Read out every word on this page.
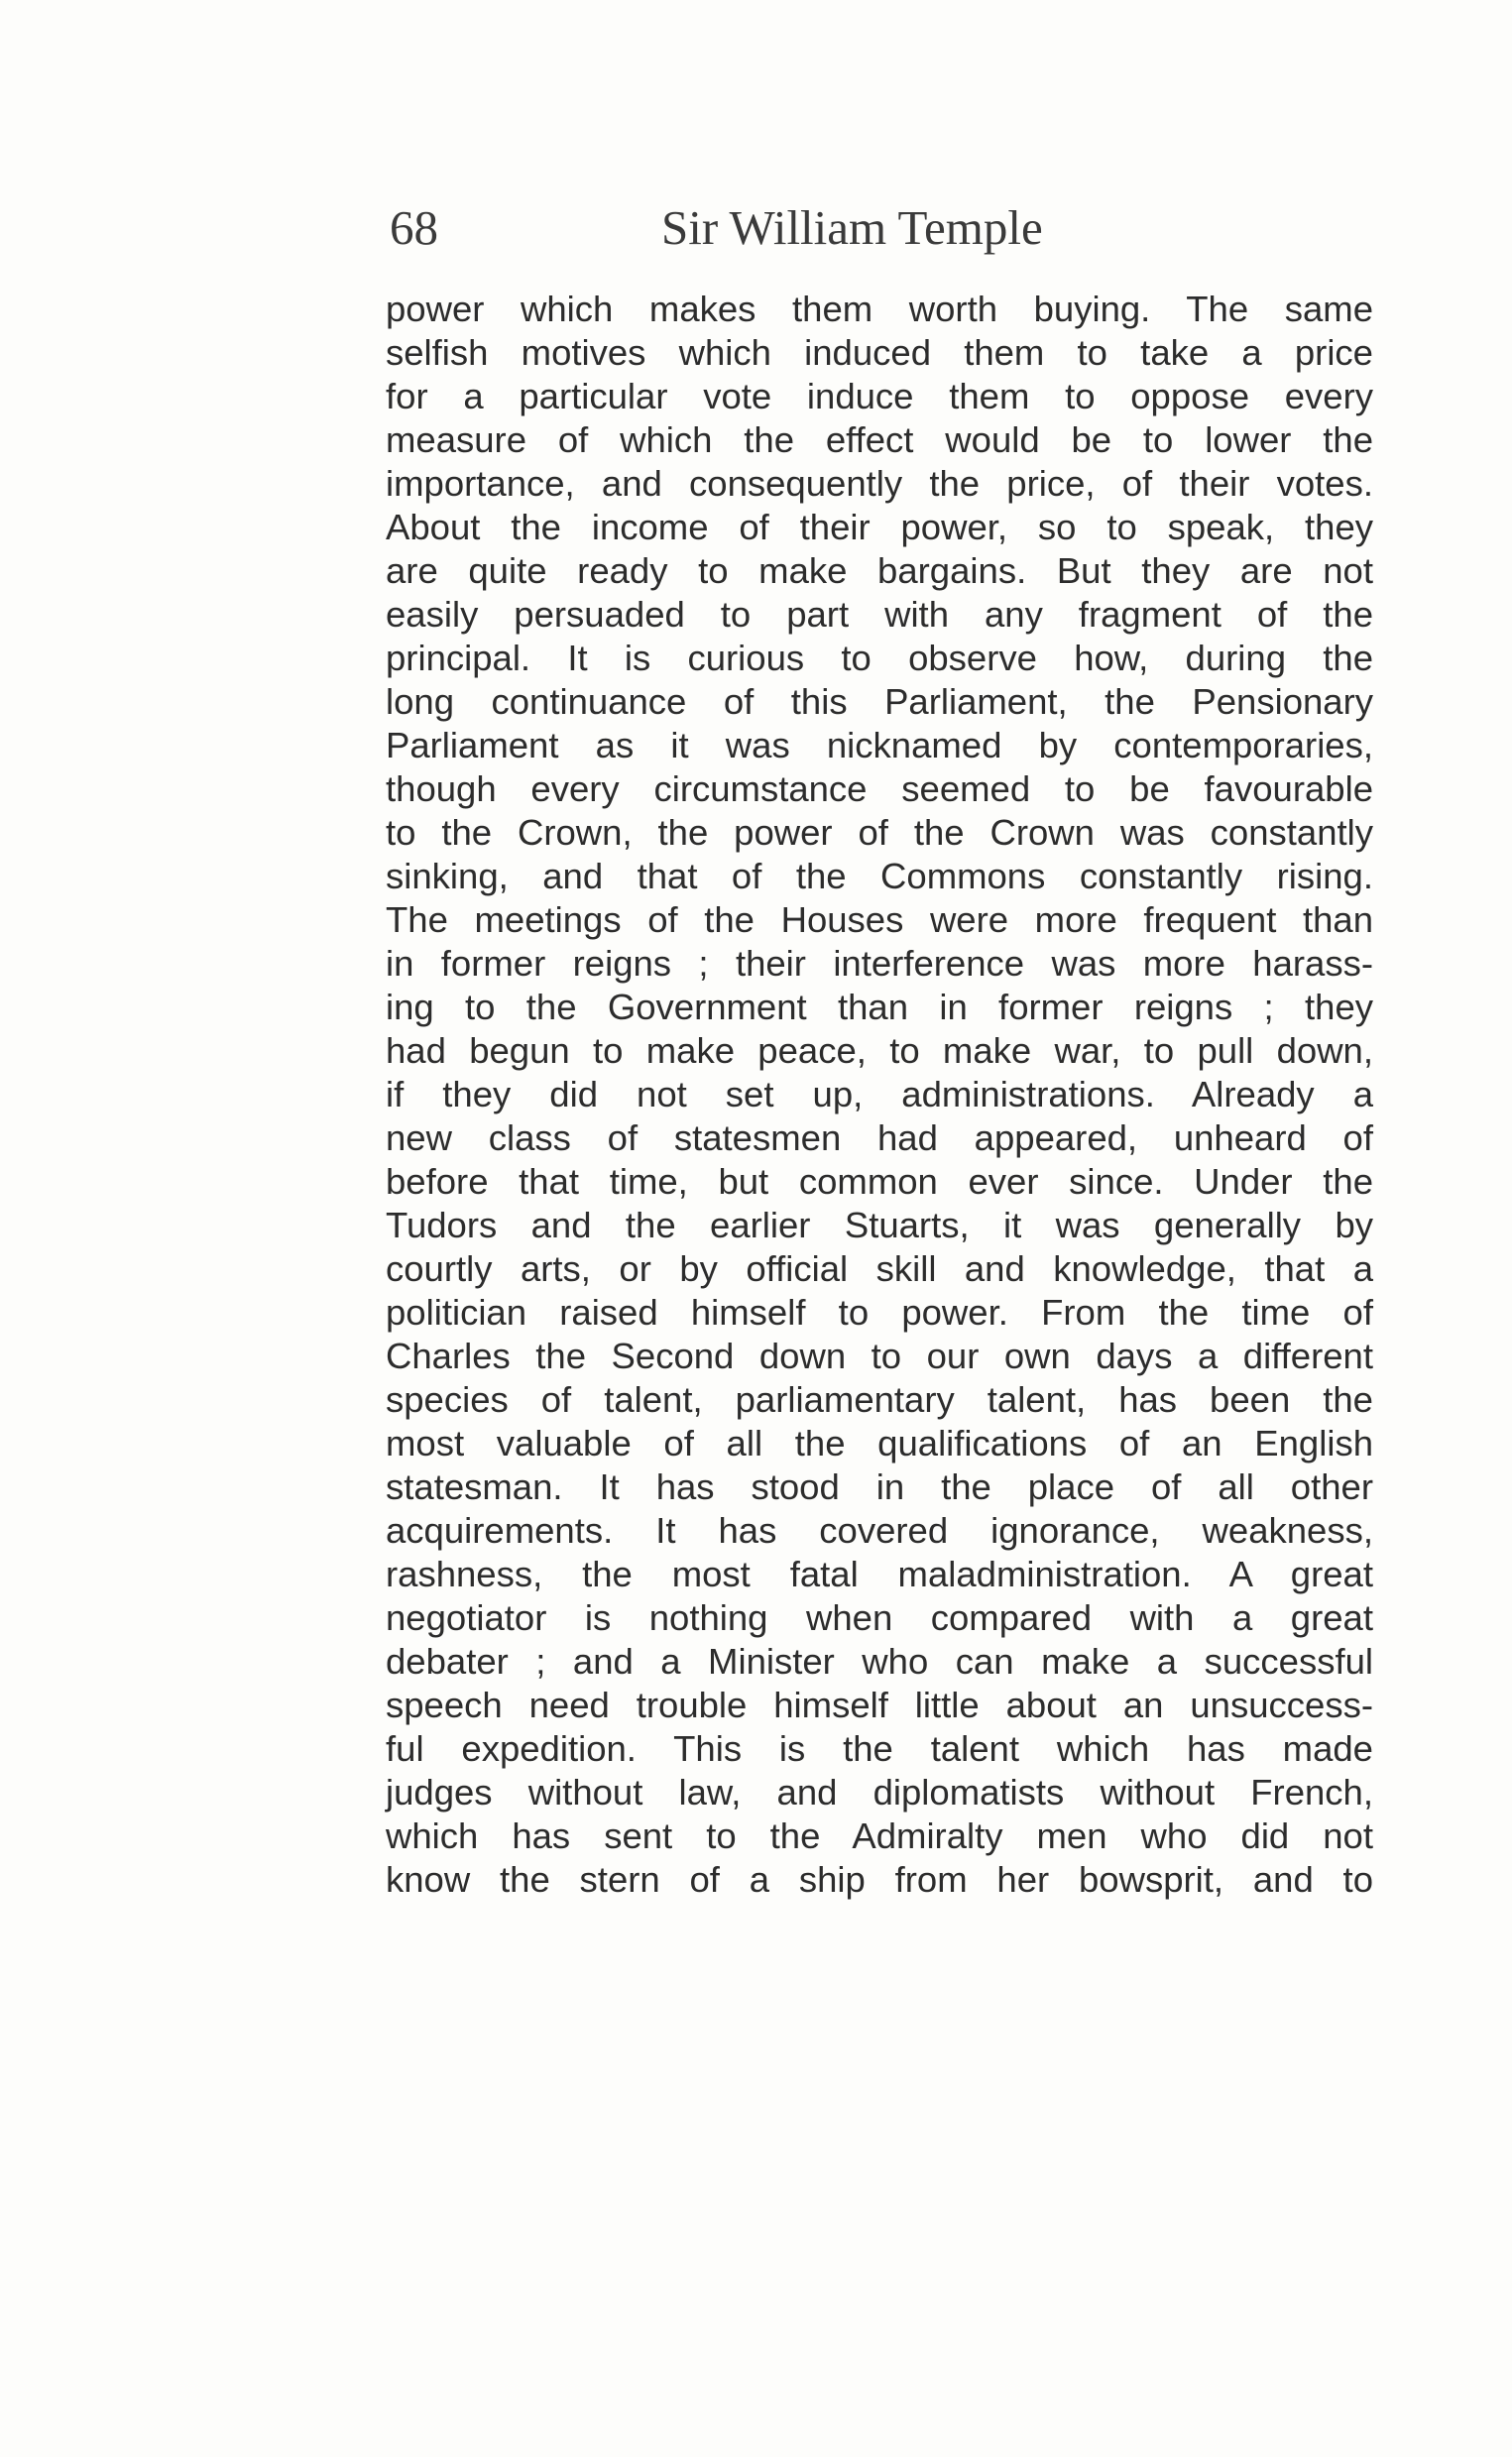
68	Sir William Temple
power which makes them worth buying. The same
selfish motives which induced them to take a price
for a particular vote induce them to oppose every
measure of which the effect would be to lower the
importance, and consequently the price, of their votes.
About the income of their power, so to speak, they
are quite ready to make bargains. But they are not
easily persuaded to part with any fragment of the
principal. It is curious to observe how, during the
long continuance of this Parliament, the Pensionary
Parliament as it was nicknamed by contemporaries,
though every circumstance seemed to be favourable
to the Crown, the power of the Crown was constantly
sinking, and that of the Commons constantly rising.
The meetings of the Houses were more frequent than
in former reigns ; their interference was more harass-
ing to the Government than in former reigns ; they
had begun to make peace, to make war, to pull down,
if they did not set up, administrations. Already a
new class of statesmen had appeared, unheard of
before that time, but common ever since. Under the
Tudors and the earlier Stuarts, it was generally by
courtly arts, or by official skill and knowledge, that a
politician raised himself to power. From the time of
Charles the Second down to our own days a different
species of talent, parliamentary talent, has been the
most valuable of all the qualifications of an English
statesman. It has stood in the place of all other
acquirements. It has covered ignorance, weakness,
rashness, the most fatal maladministration. A great
negotiator is nothing when compared with a great
debater ; and a Minister who can make a successful
speech need trouble himself little about an unsuccess-
ful expedition. This is the talent which has made
judges without law, and diplomatists without French,
which has sent to the Admiralty men who did not
know the stern of a ship from her bowsprit, and to
